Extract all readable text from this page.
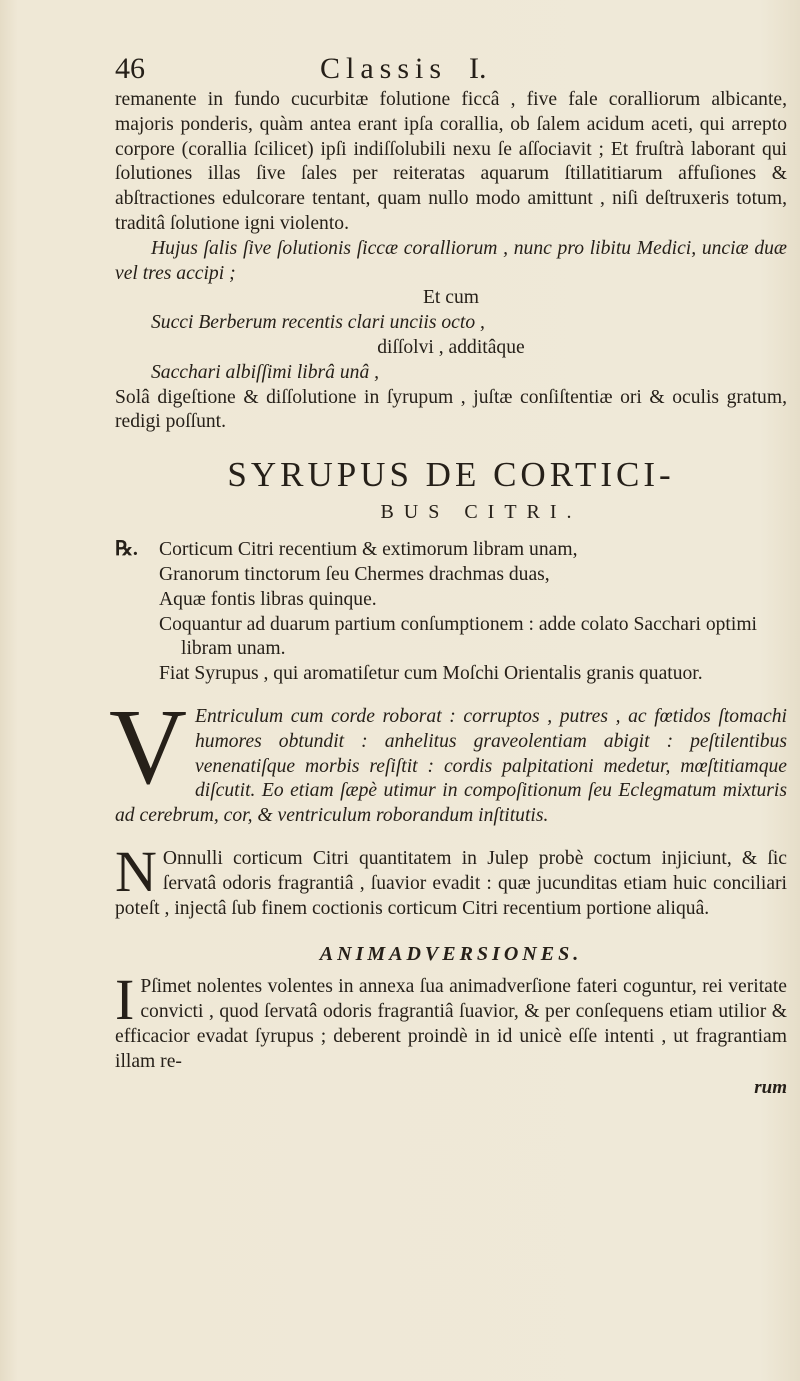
46	Classis I.

remanente in fundo cucurbitæ folutione ficcâ , five fale coralliorum albicante, majoris ponderis, quàm antea erant ipſa corallia, ob ſalem acidum aceti, qui arrepto corpore (corallia ſcilicet) ipſi indiſſolubili nexu ſe aſſociavit ; Et fruſtrà laborant qui ſolutiones illas ſive ſales per reiteratas aquarum ſtillatitiarum affuſiones & abſtractiones edulcorare tentant, quam nullo modo amittunt , niſi deſtruxeris totum, traditâ ſolutione igni violento.

Hujus ſalis ſive ſolutionis ſiccæ coralliorum , nunc pro libitu Medici, unciæ duæ vel tres accipi ;

Et cum

Succi Berberum recentis clari unciis octo ,

diſſolvi , additâque

Sacchari albiſſimi librâ unâ ,

Solâ digeſtione & diſſolutione in ſyrupum , juſtæ conſiſtentiæ ori & oculis gratum, redigi poſſunt.

SYRUPUS DE CORTICI-
BUS CITRI.

℞. Corticum Citri recentium & extimorum libram unam,

Granorum tinctorum ſeu Chermes drachmas duas,

Aquæ fontis libras quinque.

Coquantur ad duarum partium conſumptionem : adde colato Sacchari optimi libram unam.

Fiat Syrupus , qui aromatiſetur cum Moſchi Orientalis granis quatuor.

V Entriculum cum corde roborat : corruptos , putres , ac fœtidos ſtomachi humores obtundit : anhelitus graveolentiam abigit : peſtilentibus venenatiſque morbis reſiſtit : cordis palpitationi medetur, mœſtitiamque diſcutit. Eo etiam ſæpè utimur in compoſitionum ſeu Eclegmatum mixturis ad cerebrum, cor, & ventriculum roborandum inſtitutis.

N Onnulli corticum Citri quantitatem in Julep probè coctum injiciunt, & ſic ſervatâ odoris fragrantiâ , ſuavior evadit : quæ jucunditas etiam huic conciliari poteſt , injectâ ſub finem coctionis corticum Citri recentium portione aliquâ.

ANIMADVERSIONES.
I Pſimet nolentes volentes in annexa ſua animadverſione fateri coguntur, rei veritate convicti , quod ſervatâ odoris fragrantiâ ſuavior, & per conſequens etiam utilior & efficacior evadat ſyrupus ; deberent proindè in id unicè eſſe intenti , ut fragrantiam illam re-

rum
